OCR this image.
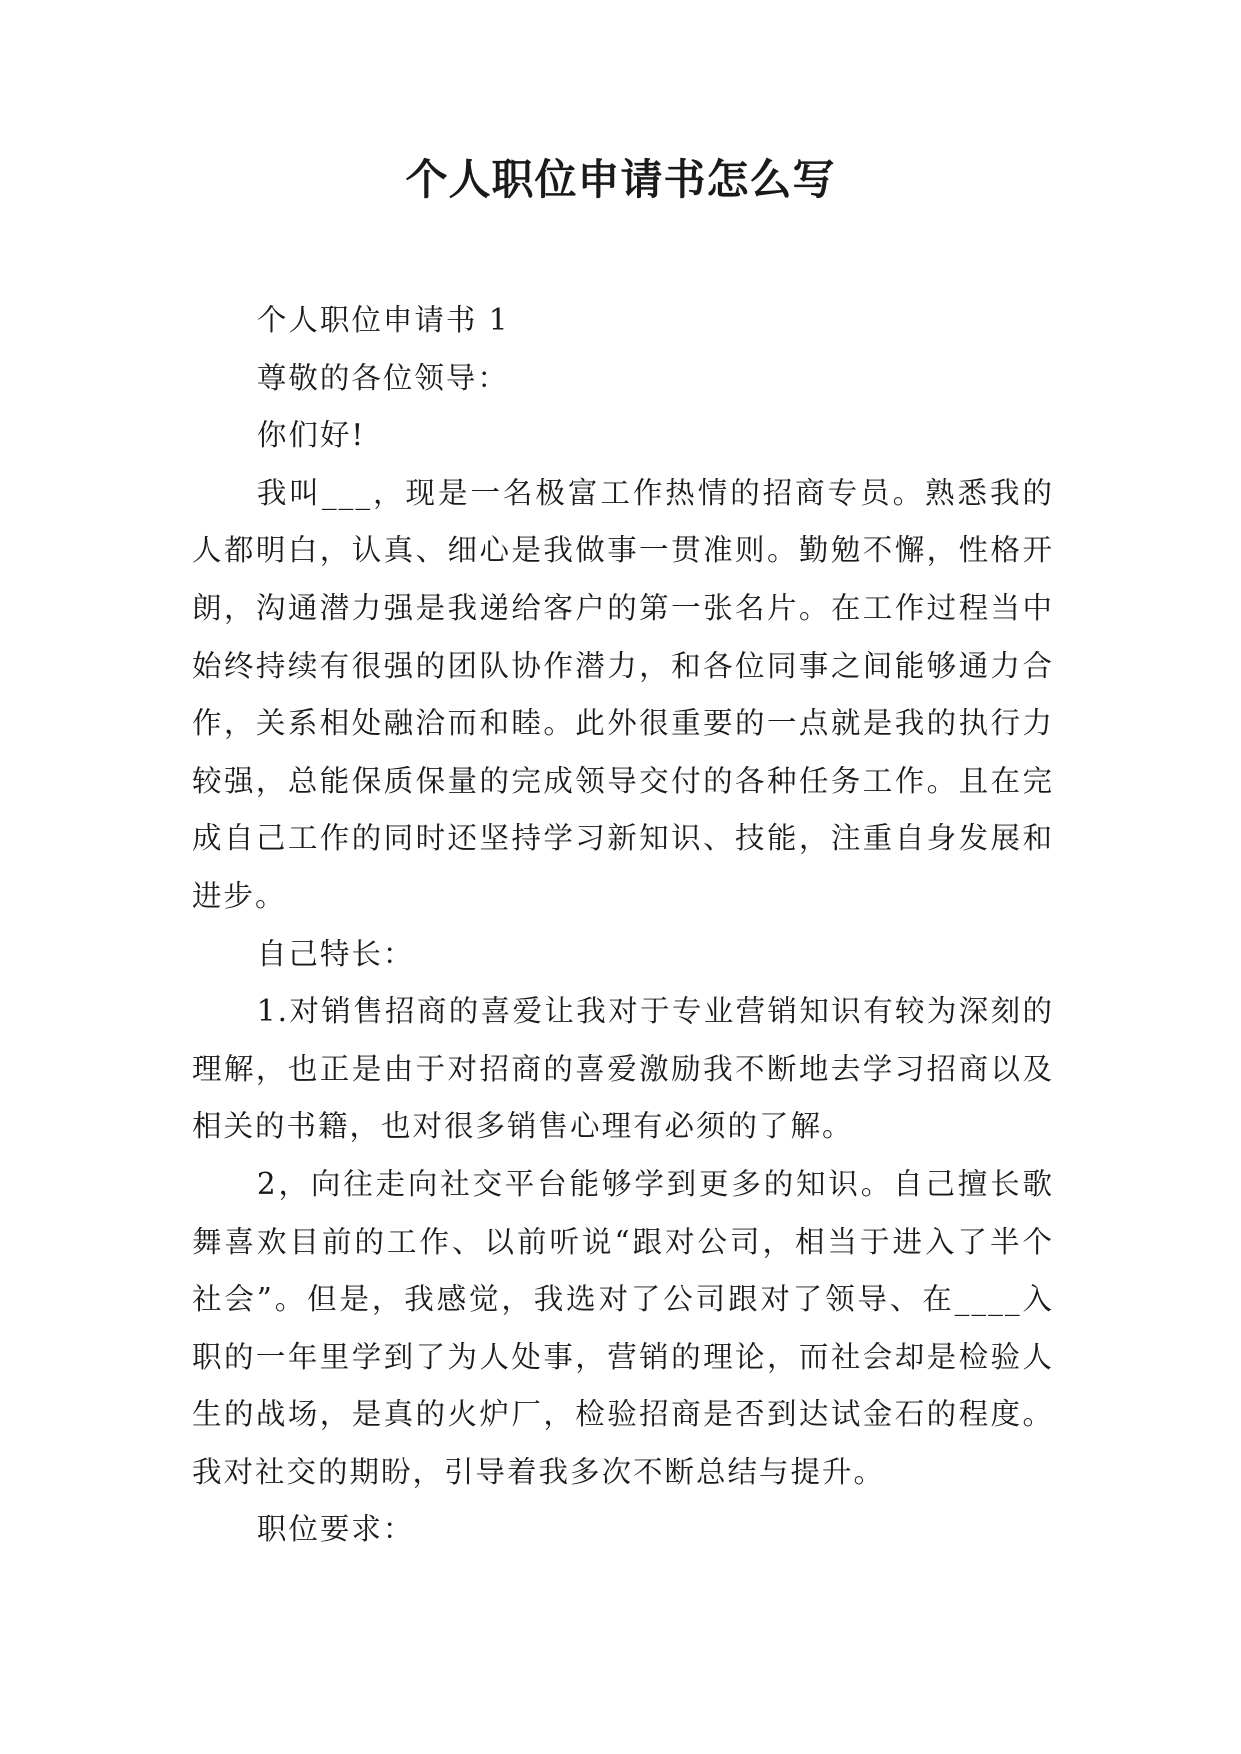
个人职位申请书怎么写

个人职位申请书 1

尊敬的各位领导：

你们好!

我叫___，现是一名极富工作热情的招商专员。熟悉我的人都明白，认真、细心是我做事一贯准则。勤勉不懈，性格开朗，沟通潜力强是我递给客户的第一张名片。在工作过程当中始终持续有很强的团队协作潜力，和各位同事之间能够通力合作，关系相处融洽而和睦。此外很重要的一点就是我的执行力较强，总能保质保量的完成领导交付的各种任务工作。且在完成自己工作的同时还坚持学习新知识、技能，注重自身发展和进步。

自己特长：

1.对销售招商的喜爱让我对于专业营销知识有较为深刻的理解，也正是由于对招商的喜爱激励我不断地去学习招商以及相关的书籍，也对很多销售心理有必须的了解。

2，向往走向社交平台能够学到更多的知识。自己擅长歌舞喜欢目前的工作、以前听说“跟对公司，相当于进入了半个社会”。但是，我感觉，我选对了公司跟对了领导、在____入职的一年里学到了为人处事，营销的理论，而社会却是检验人生的战场，是真的火炉厂，检验招商是否到达试金石的程度。我对社交的期盼，引导着我多次不断总结与提升。

职位要求：
